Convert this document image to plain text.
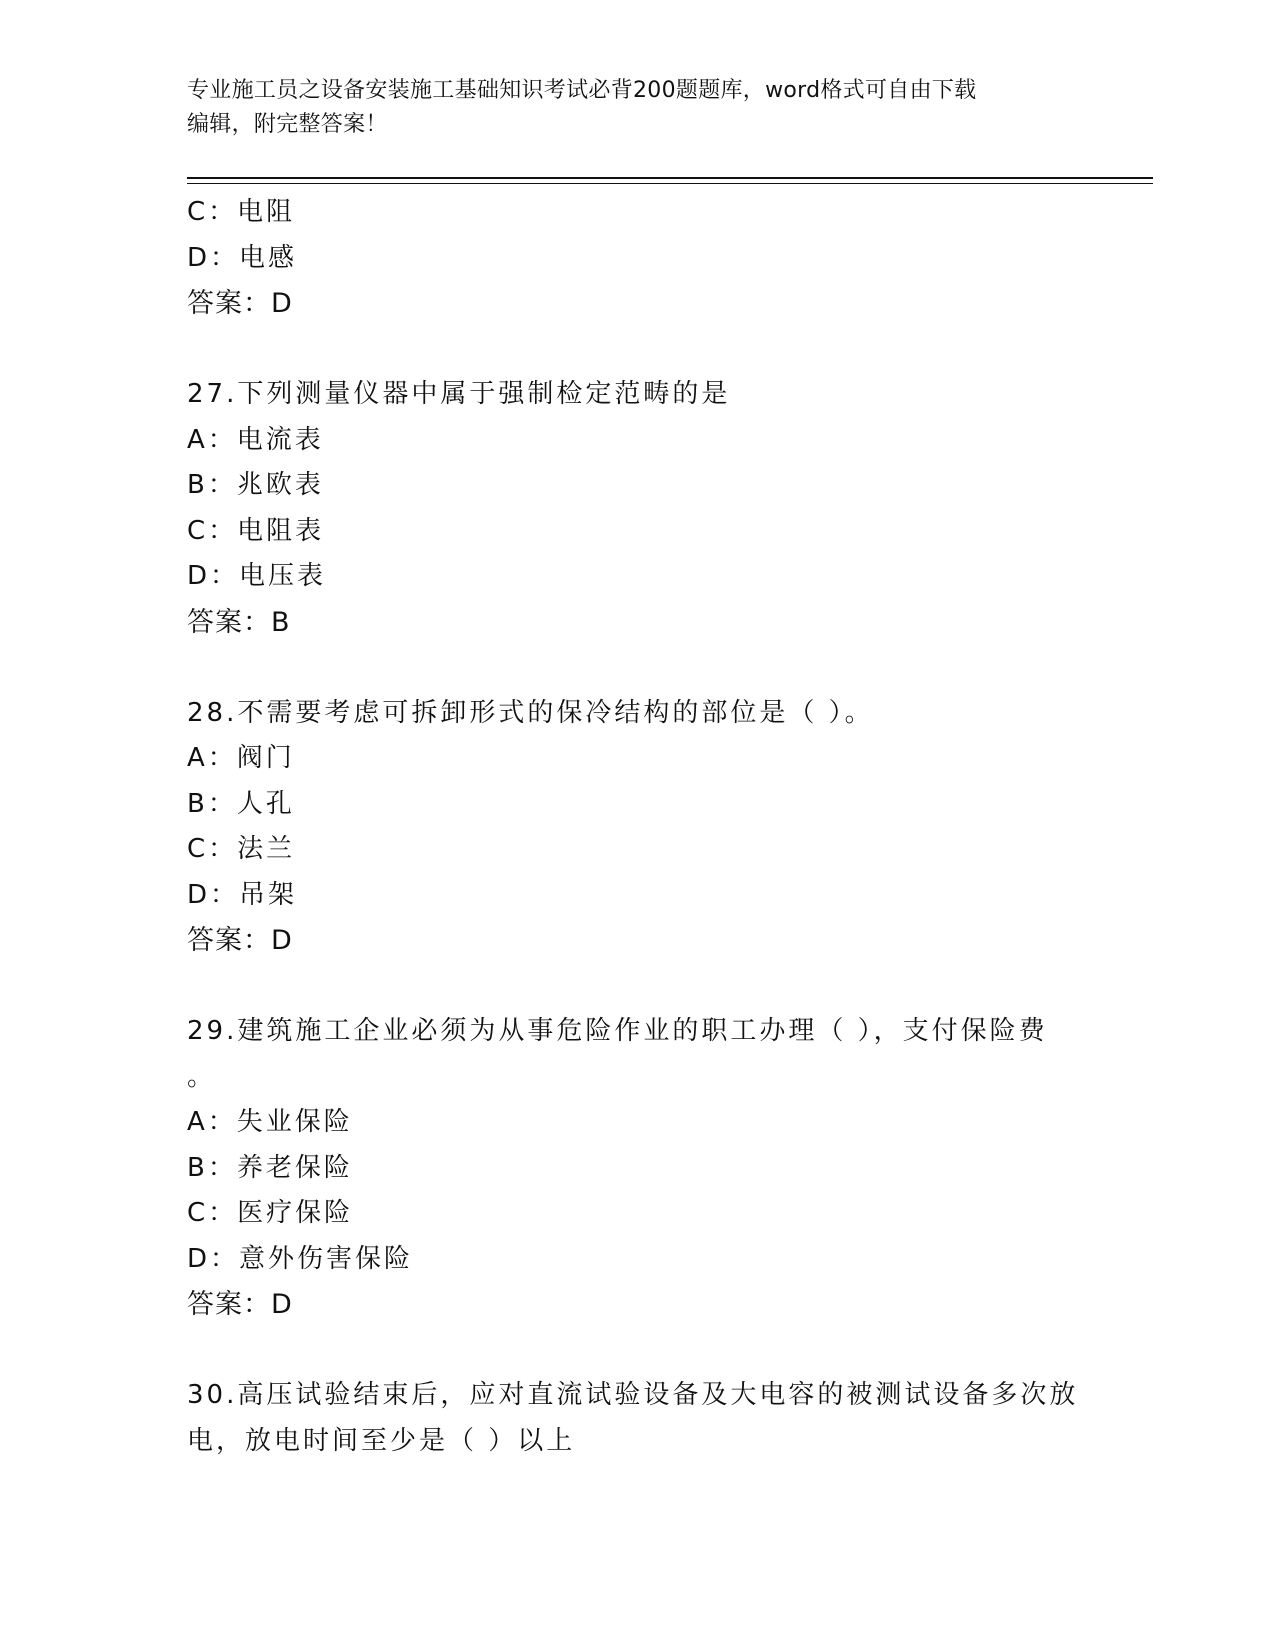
专业施工员之设备安装施工基础知识考试必背200题题库，word格式可自由下载
编辑，附完整答案！
C：电阻
D：电感
答案：D
27.下列测量仪器中属于强制检定范畴的是
A：电流表
B：兆欧表
C：电阻表
D：电压表
答案：B
28.不需要考虑可拆卸形式的保冷结构的部位是（ ）。
A：阀门
B：人孔
C：法兰
D：吊架
答案：D
29.建筑施工企业必须为从事危险作业的职工办理（ ），支付保险费
。
A：失业保险
B：养老保险
C：医疗保险
D：意外伤害保险
答案：D
30.高压试验结束后，应对直流试验设备及大电容的被测试设备多次放
电，放电时间至少是（ ）以上
